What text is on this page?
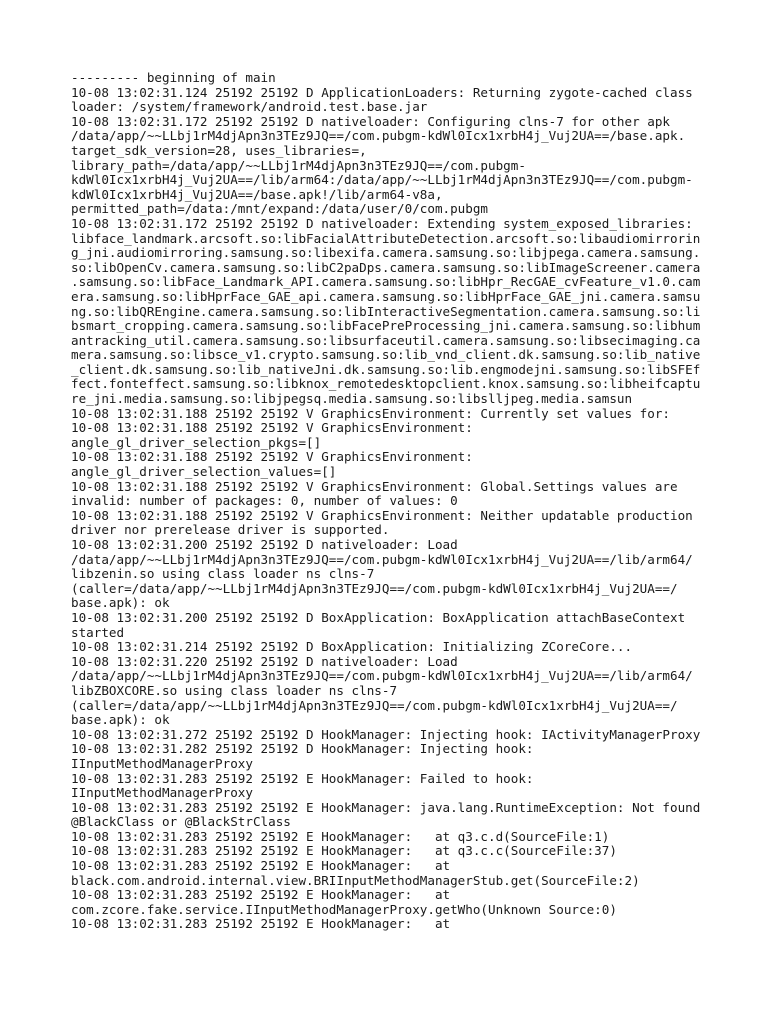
--------- beginning of main
10-08 13:02:31.124 25192 25192 D ApplicationLoaders: Returning zygote-cached class
loader: /system/framework/android.test.base.jar
10-08 13:02:31.172 25192 25192 D nativeloader: Configuring clns-7 for other apk
/data/app/~~LLbj1rM4djApn3n3TEz9JQ==/com.pubgm-kdWl0Icx1xrbH4j_Vuj2UA==/base.apk.
target_sdk_version=28, uses_libraries=,
library_path=/data/app/~~LLbj1rM4djApn3n3TEz9JQ==/com.pubgm-
kdWl0Icx1xrbH4j_Vuj2UA==/lib/arm64:/data/app/~~LLbj1rM4djApn3n3TEz9JQ==/com.pubgm-
kdWl0Icx1xrbH4j_Vuj2UA==/base.apk!/lib/arm64-v8a,
permitted_path=/data:/mnt/expand:/data/user/0/com.pubgm
10-08 13:02:31.172 25192 25192 D nativeloader: Extending system_exposed_libraries:
libface_landmark.arcsoft.so:libFacialAttributeDetection.arcsoft.so:libaudiomirrorin
g_jni.audiomirroring.samsung.so:libexifa.camera.samsung.so:libjpega.camera.samsung.
so:libOpenCv.camera.samsung.so:libC2paDps.camera.samsung.so:libImageScreener.camera
.samsung.so:libFace_Landmark_API.camera.samsung.so:libHpr_RecGAE_cvFeature_v1.0.cam
era.samsung.so:libHprFace_GAE_api.camera.samsung.so:libHprFace_GAE_jni.camera.samsu
ng.so:libQREngine.camera.samsung.so:libInteractiveSegmentation.camera.samsung.so:li
bsmart_cropping.camera.samsung.so:libFacePreProcessing_jni.camera.samsung.so:libhum
antracking_util.camera.samsung.so:libsurfaceutil.camera.samsung.so:libsecimaging.ca
mera.samsung.so:libsce_v1.crypto.samsung.so:lib_vnd_client.dk.samsung.so:lib_native
_client.dk.samsung.so:lib_nativeJni.dk.samsung.so:lib.engmodejni.samsung.so:libSFEf
fect.fonteffect.samsung.so:libknox_remotedesktopclient.knox.samsung.so:libheifcaptu
re_jni.media.samsung.so:libjpegsq.media.samsung.so:libslljpeg.media.samsun
10-08 13:02:31.188 25192 25192 V GraphicsEnvironment: Currently set values for:
10-08 13:02:31.188 25192 25192 V GraphicsEnvironment:
angle_gl_driver_selection_pkgs=[]
10-08 13:02:31.188 25192 25192 V GraphicsEnvironment:
angle_gl_driver_selection_values=[]
10-08 13:02:31.188 25192 25192 V GraphicsEnvironment: Global.Settings values are
invalid: number of packages: 0, number of values: 0
10-08 13:02:31.188 25192 25192 V GraphicsEnvironment: Neither updatable production
driver nor prerelease driver is supported.
10-08 13:02:31.200 25192 25192 D nativeloader: Load
/data/app/~~LLbj1rM4djApn3n3TEz9JQ==/com.pubgm-kdWl0Icx1xrbH4j_Vuj2UA==/lib/arm64/
libzenin.so using class loader ns clns-7
(caller=/data/app/~~LLbj1rM4djApn3n3TEz9JQ==/com.pubgm-kdWl0Icx1xrbH4j_Vuj2UA==/
base.apk): ok
10-08 13:02:31.200 25192 25192 D BoxApplication: BoxApplication attachBaseContext
started
10-08 13:02:31.214 25192 25192 D BoxApplication: Initializing ZCoreCore...
10-08 13:02:31.220 25192 25192 D nativeloader: Load
/data/app/~~LLbj1rM4djApn3n3TEz9JQ==/com.pubgm-kdWl0Icx1xrbH4j_Vuj2UA==/lib/arm64/
libZBOXCORE.so using class loader ns clns-7
(caller=/data/app/~~LLbj1rM4djApn3n3TEz9JQ==/com.pubgm-kdWl0Icx1xrbH4j_Vuj2UA==/
base.apk): ok
10-08 13:02:31.272 25192 25192 D HookManager: Injecting hook: IActivityManagerProxy
10-08 13:02:31.282 25192 25192 D HookManager: Injecting hook:
IInputMethodManagerProxy
10-08 13:02:31.283 25192 25192 E HookManager: Failed to hook:
IInputMethodManagerProxy
10-08 13:02:31.283 25192 25192 E HookManager: java.lang.RuntimeException: Not found
@BlackClass or @BlackStrClass
10-08 13:02:31.283 25192 25192 E HookManager:   at q3.c.d(SourceFile:1)
10-08 13:02:31.283 25192 25192 E HookManager:   at q3.c.c(SourceFile:37)
10-08 13:02:31.283 25192 25192 E HookManager:   at
black.com.android.internal.view.BRIInputMethodManagerStub.get(SourceFile:2)
10-08 13:02:31.283 25192 25192 E HookManager:   at
com.zcore.fake.service.IInputMethodManagerProxy.getWho(Unknown Source:0)
10-08 13:02:31.283 25192 25192 E HookManager:   at
